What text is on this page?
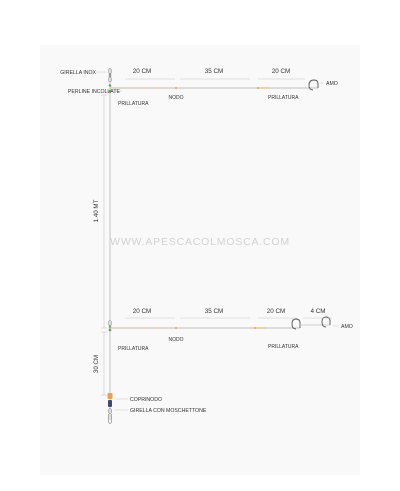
WWW.APESCACOLMOSCA.COM
1.40 MT
30 CM
GIRELLA INOX
PERLINE INCOLLATE
20 CM	35 CM	20 CM
PRILLATURA
NODO	PRILLATURA
AMO
20 CM	35 CM	20 CM	4 CM
PRILLATURA
NODO
PRILLATURA
AMO
COPRINODO
GIRELLA CON MOSCHETTONE
